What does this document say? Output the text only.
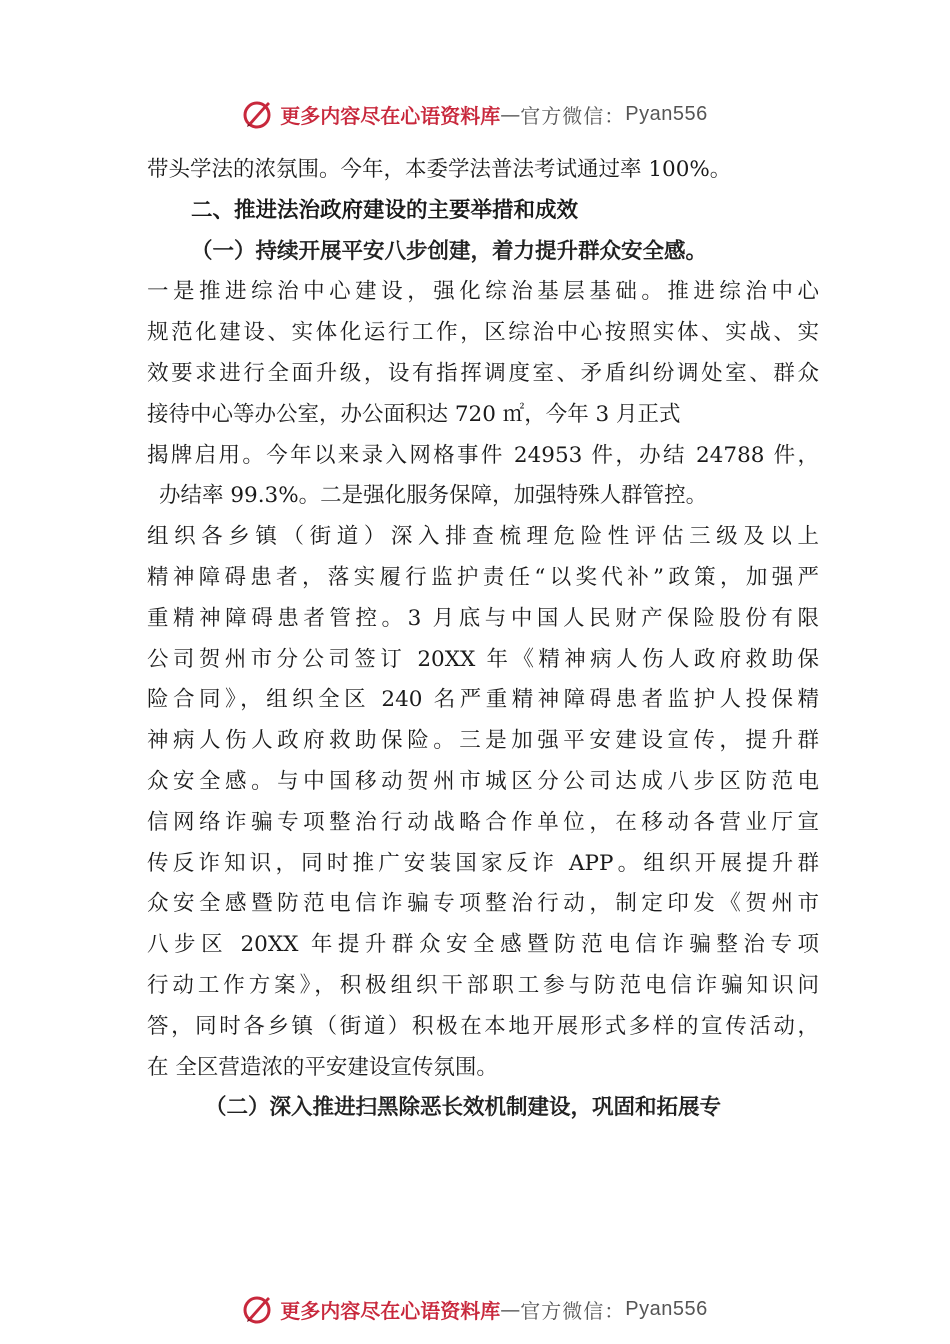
更多内容尽在心语资料库 — 官方微信： Pyan556
带头学法的浓氛围。今年，本委学法普法考试通过率 100%。
二、推进法治政府建设的主要举措和成效
（一）持续开展平安八步创建，着力提升群众安全感。
一是推进综治中心建设，强化综治基层基础。推进综治中心
规范化建设、实体化运行工作，区综治中心按照实体、实战、实
效要求进行全面升级，设有指挥调度室、矛盾纠纷调处室、群众
接待中心等办公室，办公面积达 720 ㎡，今年 3 月正式
揭牌启用。今年以来录入网格事件 24953 件，办结 24788 件，
办结率 99.3%。二是强化服务保障，加强特殊人群管控。
组织各乡镇（街道）深入排查梳理危险性评估三级及以上
精神障碍患者，落实履行监护责任“以奖代补”政策，加强严
重精神障碍患者管控。3 月底与中国人民财产保险股份有限
公司贺州市分公司签订 20XX 年《精神病人伤人政府救助保
险合同》，组织全区 240 名严重精神障碍患者监护人投保精
神病人伤人政府救助保险。三是加强平安建设宣传，提升群
众安全感。与中国移动贺州市城区分公司达成八步区防范电
信网络诈骗专项整治行动战略合作单位，在移动各营业厅宣
传反诈知识，同时推广安装国家反诈 APP。组织开展提升群
众安全感暨防范电信诈骗专项整治行动，制定印发《贺州市
八步区 20XX 年提升群众安全感暨防范电信诈骗整治专项
行动工作方案》，积极组织干部职工参与防范电信诈骗知识问
答，同时各乡镇（街道）积极在本地开展形式多样的宣传活动，
在 全区营造浓的平安建设宣传氛围。
（二）深入推进扫黑除恶长效机制建设，巩固和拓展专
更多内容尽在心语资料库 — 官方微信： Pyan556
